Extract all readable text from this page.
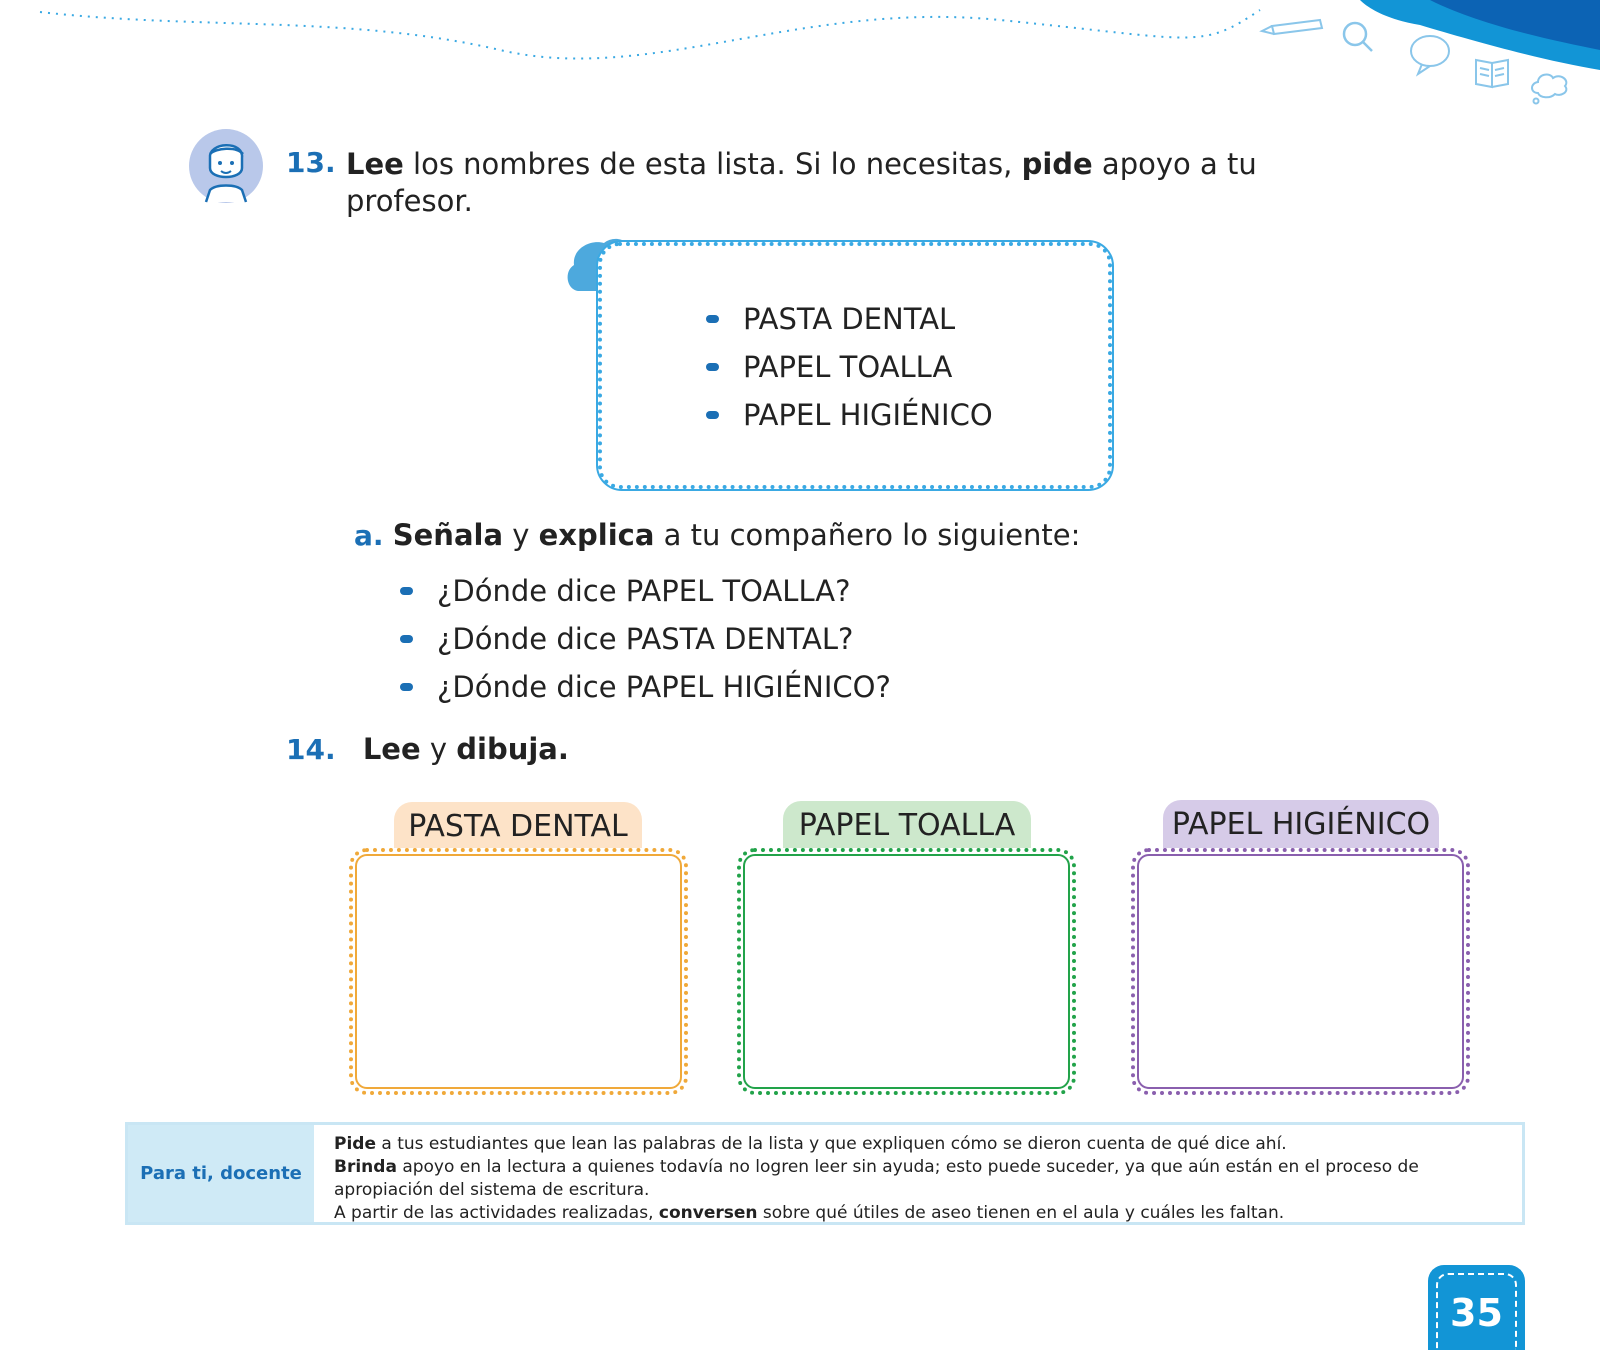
13. Lee los nombres de esta lista. Si lo necesitas, pide apoyo a tu
profesor.
PASTA DENTAL
PAPEL TOALLA
PAPEL HIGIÉNICO
a. Señala y explica a tu compañero lo siguiente:
¿Dónde dice PAPEL TOALLA?
¿Dónde dice PASTA DENTAL?
¿Dónde dice PAPEL HIGIÉNICO?
14. Lee y dibuja.
PASTA DENTAL	PAPEL TOALLA	PAPEL HIGIÉNICO
Para ti, docente
Pide a tus estudiantes que lean las palabras de la lista y que expliquen cómo se dieron cuenta de qué dice ahí.
Brinda apoyo en la lectura a quienes todavía no logren leer sin ayuda; esto puede suceder, ya que aún están en el proceso de apropiación del sistema de escritura.
A partir de las actividades realizadas, conversen sobre qué útiles de aseo tienen en el aula y cuáles les faltan.
35
